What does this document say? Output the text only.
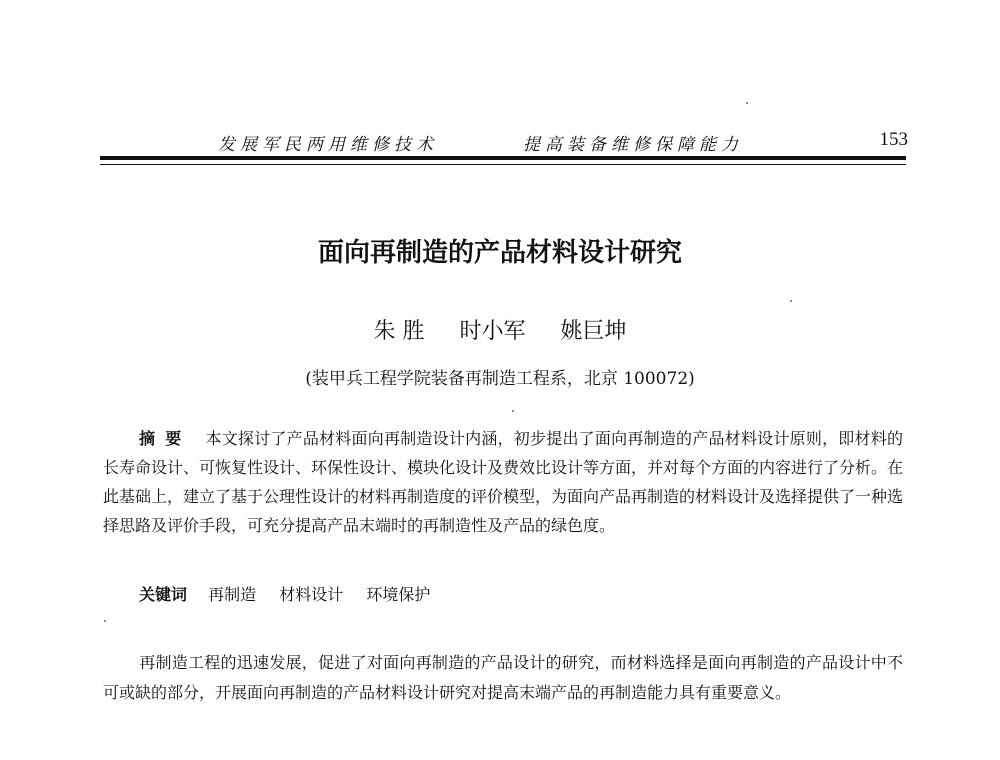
发展军民两用维修技术	提高装备维修保障能力	153
面向再制造的产品材料设计研究
朱 胜 时小军 姚巨坤
(装甲兵工程学院装备再制造工程系，北京 100072)
摘要 本文探讨了产品材料面向再制造设计内涵，初步提出了面向再制造的产品材料设计原则，即材料的长寿命设计、可恢复性设计、环保性设计、模块化设计及费效比设计等方面，并对每个方面的内容进行了分析。在此基础上，建立了基于公理性设计的材料再制造度的评价模型，为面向产品再制造的材料设计及选择提供了一种选择思路及评价手段，可充分提高产品末端时的再制造性及产品的绿色度。
关键词 再制造 材料设计 环境保护
再制造工程的迅速发展，促进了对面向再制造的产品设计的研究，而材料选择是面向再制造的产品设计中不可或缺的部分，开展面向再制造的产品材料设计研究对提高末端产品的再制造能力具有重要意义。
